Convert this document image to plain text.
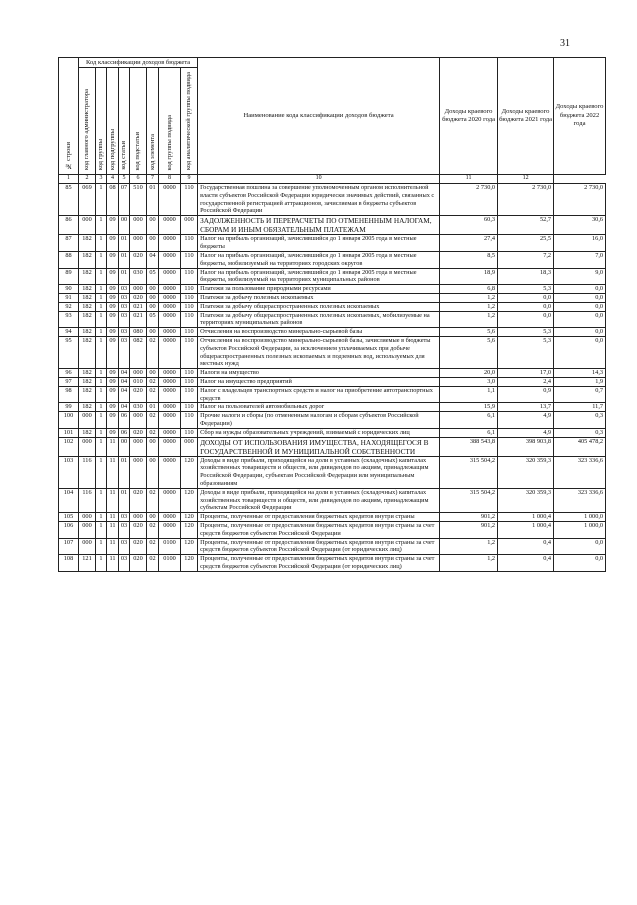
31
№ строки	Код классификации доходов бюджета								Наименование кода классификации доходов бюджета	Доходы краевого бюджета 2020 года	Доходы краевого бюджета 2021 года	Доходы краевого бюджета 2022 года

	код главного администратора	код группы	код подгруппы	код статьи	код подстатьи	код элемента	код группы подвида	код аналитической группы подвида				

1	2	3	4	5	6	7	8	9	10	11	12	
85	069	1	08	07	510	01	0000	110	Государственная пошлина за совершение уполномоченным органом исполнительной власти субъектов Российской Федерации юридически значимых действий, связанных с государственной регистрацией аттракционов, зачисляемая в бюджеты субъектов Российской Федерации	2 730,0	2 730,0	2 730,0
86	000	1	09	00	000	00	0000	000	ЗАДОЛЖЕННОСТЬ И ПЕРЕРАСЧЕТЫ ПО ОТМЕНЕННЫМ НАЛОГАМ, СБОРАМ И ИНЫМ ОБЯЗАТЕЛЬНЫМ ПЛАТЕЖАМ	60,3	52,7	30,6
87	182	1	09	01	000	00	0000	110	Налог на прибыль организаций, зачислявшийся до 1 января 2005 года в местные бюджеты	27,4	25,5	16,0
88	182	1	09	01	020	04	0000	110	Налог на прибыль организаций, зачислявшийся до 1 января 2005 года в местные бюджеты, мобилизуемый на территориях городских округов	8,5	7,2	7,0
89	182	1	09	01	030	05	0000	110	Налог на прибыль организаций, зачислявшийся до 1 января 2005 года в местные бюджеты, мобилизуемый на территориях муниципальных районов	18,9	18,3	9,0
90	182	1	09	03	000	00	0000	110	Платежи за пользование природными ресурсами	6,8	5,3	0,0
91	182	1	09	03	020	00	0000	110	Платежи за добычу полезных ископаемых	1,2	0,0	0,0
92	182	1	09	03	021	00	0000	110	Платежи за добычу общераспространенных полезных ископаемых	1,2	0,0	0,0
93	182	1	09	03	021	05	0000	110	Платежи за добычу общераспространенных полезных ископаемых, мобилизуемые на территориях муниципальных районов	1,2	0,0	0,0
94	182	1	09	03	080	00	0000	110	Отчисления на воспроизводство минерально-сырьевой базы	5,6	5,3	0,0
95	182	1	09	03	082	02	0000	110	Отчисления на воспроизводство минерально-сырьевой базы, зачисляемые в бюджеты субъектов Российской Федерации, за исключением уплачиваемых при добыче общераспространенных полезных ископаемых и подземных вод, используемых для местных нужд	5,6	5,3	0,0
96	182	1	09	04	000	00	0000	110	Налоги на имущество	20,0	17,0	14,3
97	182	1	09	04	010	02	0000	110	Налог на имущество предприятий	3,0	2,4	1,9
98	182	1	09	04	020	02	0000	110	Налог с владельцев транспортных средств и налог на приобретение автотранспортных средств	1,1	0,9	0,7
99	182	1	09	04	030	01	0000	110	Налог на пользователей автомобильных дорог	15,9	13,7	11,7
100	000	1	09	06	000	02	0000	110	Прочие налоги и сборы (по отмененным налогам и сборам субъектов Российской Федерации)	6,1	4,9	0,3
101	182	1	09	06	020	02	0000	110	Сбор на нужды образовательных учреждений, взимаемый с юридических лиц	6,1	4,9	0,3
102	000	1	11	00	000	00	0000	000	ДОХОДЫ ОТ ИСПОЛЬЗОВАНИЯ ИМУЩЕСТВА, НАХОДЯЩЕГОСЯ В ГОСУДАРСТВЕННОЙ И МУНИЦИПАЛЬНОЙ СОБСТВЕННОСТИ	388 543,8	398 903,8	405 478,2
103	116	1	11	01	000	00	0000	120	Доходы в виде прибыли, приходящейся на доли в уставных (складочных) капиталах хозяйственных товариществ и обществ, или дивидендов по акциям, принадлежащим Российской Федерации, субъектам Российской Федерации или муниципальным образованиям	315 504,2	320 359,3	323 336,6
104	116	1	11	01	020	02	0000	120	Доходы в виде прибыли, приходящейся на доли в уставных (складочных) капиталах хозяйственных товариществ и обществ, или дивидендов по акциям, принадлежащим субъектам Российской Федерации	315 504,2	320 359,3	323 336,6
105	000	1	11	03	000	00	0000	120	Проценты, полученные от предоставления бюджетных кредитов внутри страны	901,2	1 000,4	1 000,0
106	000	1	11	03	020	02	0000	120	Проценты, полученные от предоставления бюджетных кредитов внутри страны за счет средств бюджетов субъектов Российской Федерации	901,2	1 000,4	1 000,0
107	000	1	11	03	020	02	0100	120	Проценты, полученные от предоставления бюджетных кредитов внутри страны за счет средств бюджетов субъектов Российской Федерации (от юридических лиц)	1,2	0,4	0,0
108	121	1	11	03	020	02	0100	120	Проценты, полученные от предоставления бюджетных кредитов внутри страны за счет средств бюджетов субъектов Российской Федерации (от юридических лиц)	1,2	0,4	0,0
